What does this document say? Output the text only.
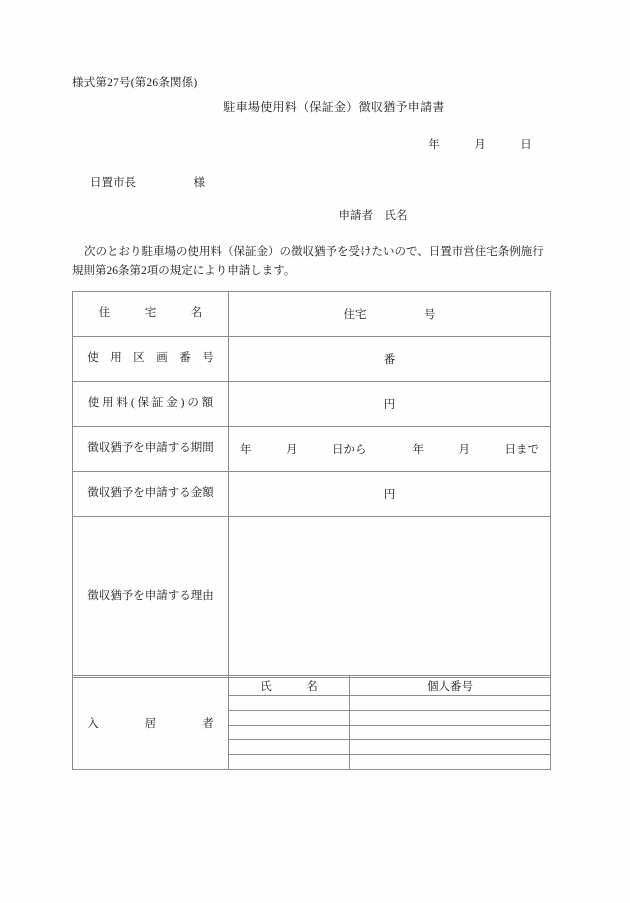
様式第27号(第26条関係)
駐車場使用料（保証金）徴収猶予申請書
年　　　月　　　日
日置市長　　　　　様
申請者　氏名
次のとおり駐車場の使用料（保証金）の徴収猶予を受けたいので、日置市営住宅条例施行
規則第26条第2項の規定により申請します。
住　　　宅　　　名	住宅　　　　　号
使　用　区　画　番　号	番
使 用 料 ( 保 証 金 ) の 額	円
徴収猶予を申請する期間	年　　　月　　　日から　　　　年　　　月　　　日まで
徴収猶予を申請する金額	円
徴収猶予を申請する理由	
入　　　　居　　　　者	氏　　　名	個人番号
